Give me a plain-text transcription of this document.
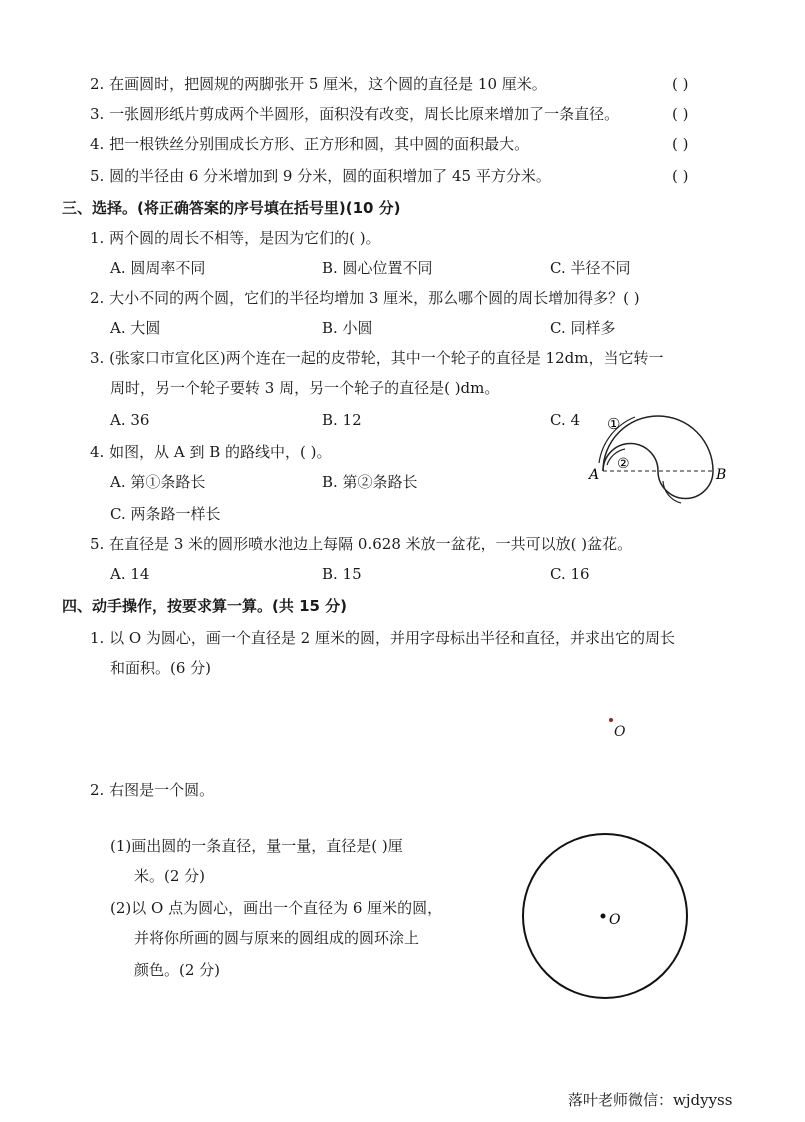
2. 在画圆时，把圆规的两脚张开 5 厘米，这个圆的直径是 10 厘米。	( )
3. 一张圆形纸片剪成两个半圆形，面积没有改变，周长比原来增加了一条直径。	( )
4. 把一根铁丝分别围成长方形、正方形和圆，其中圆的面积最大。	( )
5. 圆的半径由 6 分米增加到 9 分米，圆的面积增加了 45 平方分米。	( )
三、选择。(将正确答案的序号填在括号里)(10 分)
1. 两个圆的周长不相等，是因为它们的( )。
A. 圆周率不同	B. 圆心位置不同	C. 半径不同
2. 大小不同的两个圆，它们的半径均增加 3 厘米，那么哪个圆的周长增加得多？( )
A. 大圆	B. 小圆	C. 同样多
3. (张家口市宣化区)两个连在一起的皮带轮，其中一个轮子的直径是 12dm，当它转一
周时，另一个轮子要转 3 周，另一个轮子的直径是( )dm。
A. 36	B. 12	C. 4
4. 如图，从 A 到 B 的路线中，( )。
A. 第①条路长	B. 第②条路长
C. 两条路一样长
①
②
A	B
5. 在直径是 3 米的圆形喷水池边上每隔 0.628 米放一盆花，一共可以放( )盆花。
A. 14	B. 15	C. 16
四、动手操作，按要求算一算。(共 15 分)
1. 以 O 为圆心，画一个直径是 2 厘米的圆，并用字母标出半径和直径，并求出它的周长
和面积。(6 分)
O
2. 右图是一个圆。
(1)画出圆的一条直径，量一量，直径是( )厘
米。(2 分)
(2)以 O 点为圆心，画出一个直径为 6 厘米的圆，
并将你所画的圆与原来的圆组成的圆环涂上
颜色。(2 分)
O
落叶老师微信：wjdyyss
